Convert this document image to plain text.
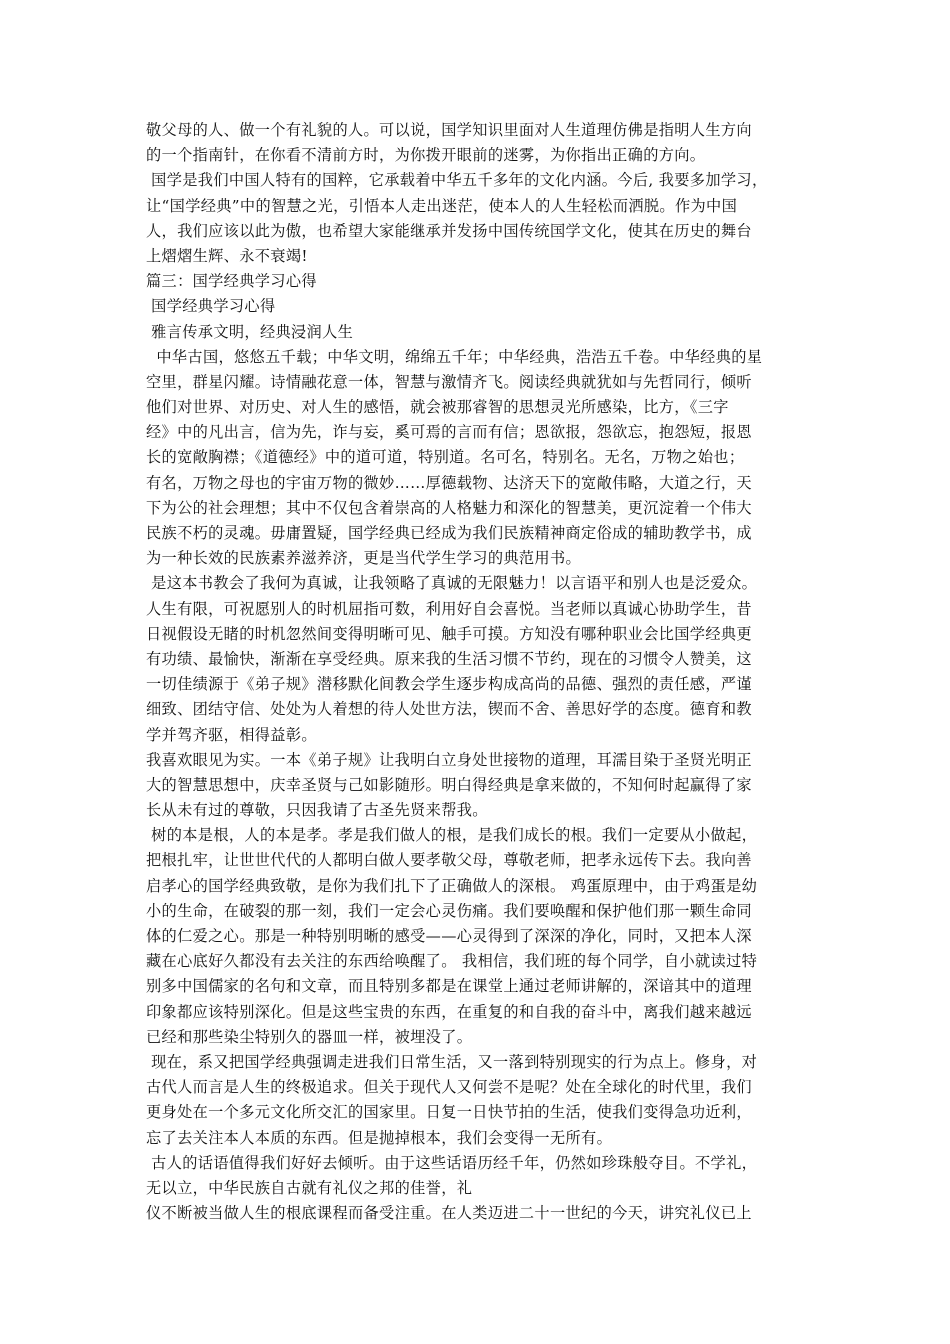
敬父母的人、做一个有礼貌的人。可以说，国学知识里面对人生道理仿佛是指明人生方向
的一个指南针，在你看不清前方时，为你拨开眼前的迷雾，为你指出正确的方向。
国学是我们中国人特有的国粹，它承载着中华五千多年的文化内涵。今后, 我要多加学习，
让“国学经典”中的智慧之光，引悟本人走出迷茫，使本人的人生轻松而洒脱。作为中国
人，我们应该以此为傲，也希望大家能继承并发扬中国传统国学文化，使其在历史的舞台
上熠熠生辉、永不衰竭!
篇三：国学经典学习心得
国学经典学习心得
雅言传承文明，经典浸润人生
中华古国，悠悠五千载；中华文明，绵绵五千年；中华经典，浩浩五千卷。中华经典的星
空里，群星闪耀。诗情融花意一体，智慧与激情齐飞。阅读经典就犹如与先哲同行，倾听
他们对世界、对历史、对人生的感悟，就会被那睿智的思想灵光所感染，比方，《三字
经》中的凡出言，信为先，诈与妄，奚可焉的言而有信；恩欲报，怨欲忘，抱怨短，报恩
长的宽敞胸襟；《道德经》中的道可道，特别道。名可名，特别名。无名，万物之始也；
有名，万物之母也的宇宙万物的微妙……厚德载物、达济天下的宽敞伟略，大道之行，天
下为公的社会理想；其中不仅包含着崇高的人格魅力和深化的智慧美，更沉淀着一个伟大
民族不朽的灵魂。毋庸置疑，国学经典已经成为我们民族精神商定俗成的辅助教学书，成
为一种长效的民族素养滋养济，更是当代学生学习的典范用书。
是这本书教会了我何为真诚，让我领略了真诚的无限魅力！以言语平和别人也是泛爱众。
人生有限，可祝愿别人的时机屈指可数，利用好自会喜悦。当老师以真诚心协助学生，昔
日视假设无睹的时机忽然间变得明晰可见、触手可摸。方知没有哪种职业会比国学经典更
有功绩、最愉快，渐渐在享受经典。原来我的生活习惯不节约，现在的习惯令人赞美，这
一切佳绩源于《弟子规》潜移默化间教会学生逐步构成高尚的品德、强烈的责任感，严谨
细致、团结守信、处处为人着想的待人处世方法，锲而不舍、善思好学的态度。德育和教
学并驾齐驱，相得益彰。
我喜欢眼见为实。一本《弟子规》让我明白立身处世接物的道理，耳濡目染于圣贤光明正
大的智慧思想中，庆幸圣贤与己如影随形。明白得经典是拿来做的，不知何时起赢得了家
长从未有过的尊敬，只因我请了古圣先贤来帮我。
树的本是根，人的本是孝。孝是我们做人的根，是我们成长的根。我们一定要从小做起，
把根扎牢，让世世代代的人都明白做人要孝敬父母，尊敬老师，把孝永远传下去。我向善
启孝心的国学经典致敬，是你为我们扎下了正确做人的深根。 鸡蛋原理中，由于鸡蛋是幼
小的生命，在破裂的那一刻，我们一定会心灵伤痛。我们要唤醒和保护他们那一颗生命同
体的仁爱之心。那是一种特别明晰的感受——心灵得到了深深的净化，同时，又把本人深
藏在心底好久都没有去关注的东西给唤醒了。 我相信，我们班的每个同学，自小就读过特
别多中国儒家的名句和文章，而且特别多都是在课堂上通过老师讲解的，深谙其中的道理
印象都应该特别深化。但是这些宝贵的东西，在重复的和自我的奋斗中，离我们越来越远
已经和那些染尘特别久的器皿一样，被埋没了。
现在，系又把国学经典强调走进我们日常生活，又一落到特别现实的行为点上。修身，对
古代人而言是人生的终极追求。但关于现代人又何尝不是呢？处在全球化的时代里，我们
更身处在一个多元文化所交汇的国家里。日复一日快节拍的生活，使我们变得急功近利，
忘了去关注本人本质的东西。但是抛掉根本，我们会变得一无所有。
古人的话语值得我们好好去倾听。由于这些话语历经千年，仍然如珍珠般夺目。不学礼，
无以立，中华民族自古就有礼仪之邦的佳誉，礼
仪不断被当做人生的根底课程而备受注重。在人类迈进二十一世纪的今天，讲究礼仪已上
